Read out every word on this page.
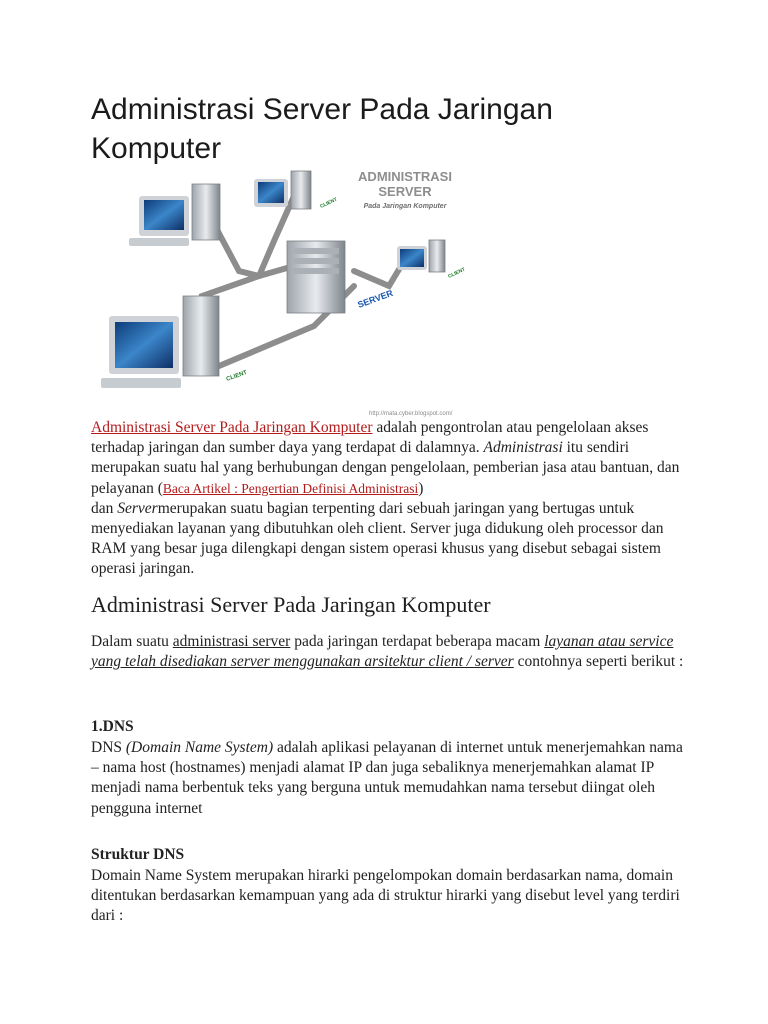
Administrasi Server Pada Jaringan Komputer
ADMINISTRASI
SERVER
Pada Jaringan Komputer
CLIENT
SERVER
CLIENT
CLIENT
http://mata.cyber.blogspot.com/

Administrasi Server Pada Jaringan Komputer adalah pengontrolan atau pengelolaan akses terhadap jaringan dan sumber daya yang terdapat di dalamnya. Administrasi itu sendiri merupakan suatu hal yang berhubungan dengan pengelolaan, pemberian jasa atau bantuan, dan pelayanan (Baca Artikel : Pengertian Definisi Administrasi)
dan Servermerupakan suatu bagian terpenting dari sebuah jaringan yang bertugas untuk menyediakan layanan yang dibutuhkan oleh client. Server juga didukung oleh processor dan RAM yang besar juga dilengkapi dengan sistem operasi khusus yang disebut sebagai sistem operasi jaringan.

Administrasi Server Pada Jaringan Komputer

Dalam suatu administrasi server pada jaringan terdapat beberapa macam layanan atau service yang telah disediakan server menggunakan arsitektur client / server contohnya seperti berikut :

1.DNS

DNS (Domain Name System) adalah aplikasi pelayanan di internet untuk menerjemahkan nama – nama host (hostnames) menjadi alamat IP dan juga sebaliknya menerjemahkan alamat IP menjadi nama berbentuk teks yang berguna untuk memudahkan nama tersebut diingat oleh pengguna internet

Struktur DNS

Domain Name System merupakan hirarki pengelompokan domain berdasarkan nama, domain ditentukan berdasarkan kemampuan yang ada di struktur hirarki yang disebut level yang terdiri dari :
